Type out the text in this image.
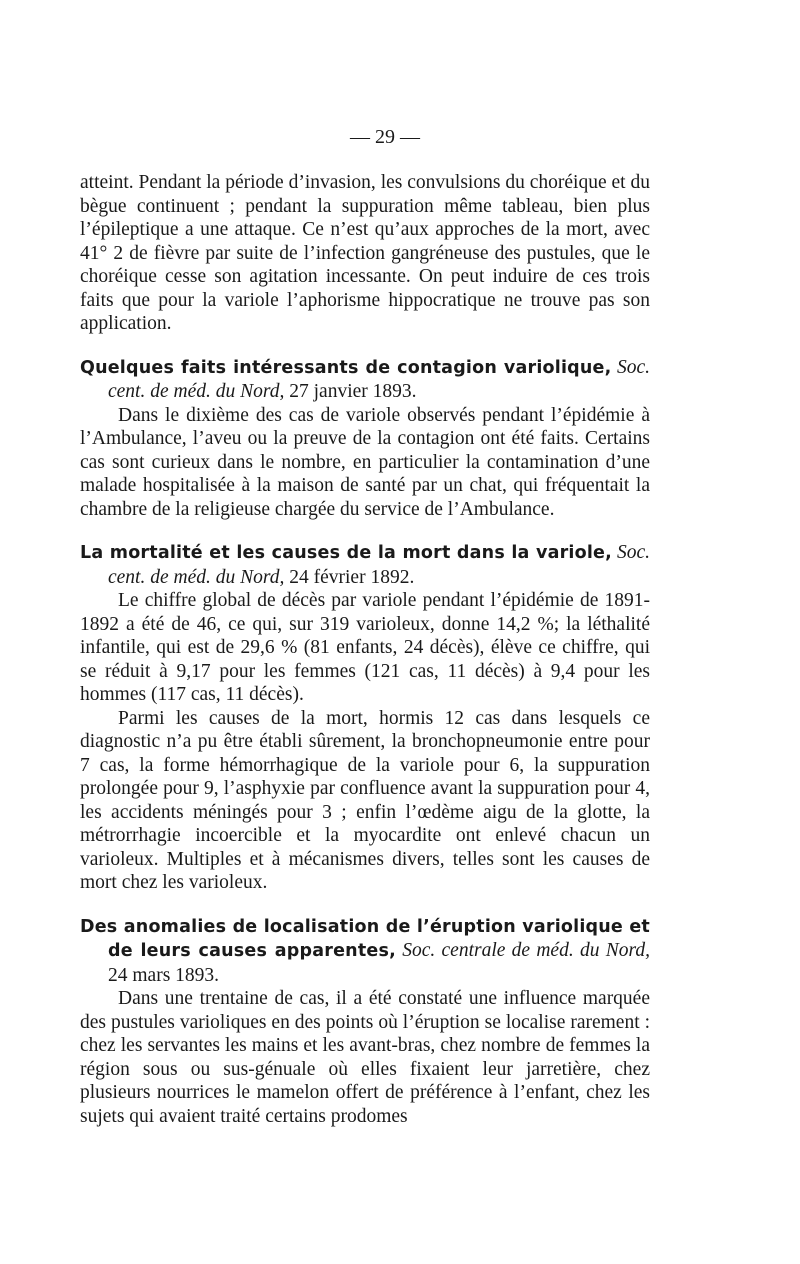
— 29 —

atteint. Pendant la période d’invasion, les convulsions du choréique et du bègue continuent ; pendant la suppuration même tableau, bien plus l’épileptique a une attaque. Ce n’est qu’aux approches de la mort, avec 41° 2 de fièvre par suite de l’infection gangréneuse des pustules, que le choréique cesse son agitation incessante. On peut induire de ces trois faits que pour la variole l’aphorisme hippocratique ne trouve pas son application.

Quelques faits intéressants de contagion variolique, Soc. cent. de méd. du Nord, 27 janvier 1893.

Dans le dixième des cas de variole observés pendant l’épidémie à l’Ambulance, l’aveu ou la preuve de la contagion ont été faits. Certains cas sont curieux dans le nombre, en particulier la contamination d’une malade hospitalisée à la maison de santé par un chat, qui fréquentait la chambre de la religieuse chargée du service de l’Ambulance.

La mortalité et les causes de la mort dans la variole, Soc. cent. de méd. du Nord, 24 février 1892.

Le chiffre global de décès par variole pendant l’épidémie de 1891-1892 a été de 46, ce qui, sur 319 varioleux, donne 14,2 %; la léthalité infantile, qui est de 29,6 % (81 enfants, 24 décès), élève ce chiffre, qui se réduit à 9,17 pour les femmes (121 cas, 11 décès) à 9,4 pour les hommes (117 cas, 11 décès).

Parmi les causes de la mort, hormis 12 cas dans lesquels ce diagnostic n’a pu être établi sûrement, la bronchopneumonie entre pour 7 cas, la forme hémorrhagique de la variole pour 6, la suppuration prolongée pour 9, l’asphyxie par confluence avant la suppuration pour 4, les accidents méningés pour 3 ; enfin l’œdème aigu de la glotte, la métrorrhagie incoercible et la myocardite ont enlevé chacun un varioleux. Multiples et à mécanismes divers, telles sont les causes de mort chez les varioleux.

Des anomalies de localisation de l’éruption variolique et de leurs causes apparentes, Soc. centrale de méd. du Nord, 24 mars 1893.

Dans une trentaine de cas, il a été constaté une influence marquée des pustules varioliques en des points où l’éruption se localise rarement : chez les servantes les mains et les avant-bras, chez nombre de femmes la région sous ou sus-génuale où elles fixaient leur jarretière, chez plusieurs nourrices le mamelon offert de préférence à l’enfant, chez les sujets qui avaient traité certains prodomes
